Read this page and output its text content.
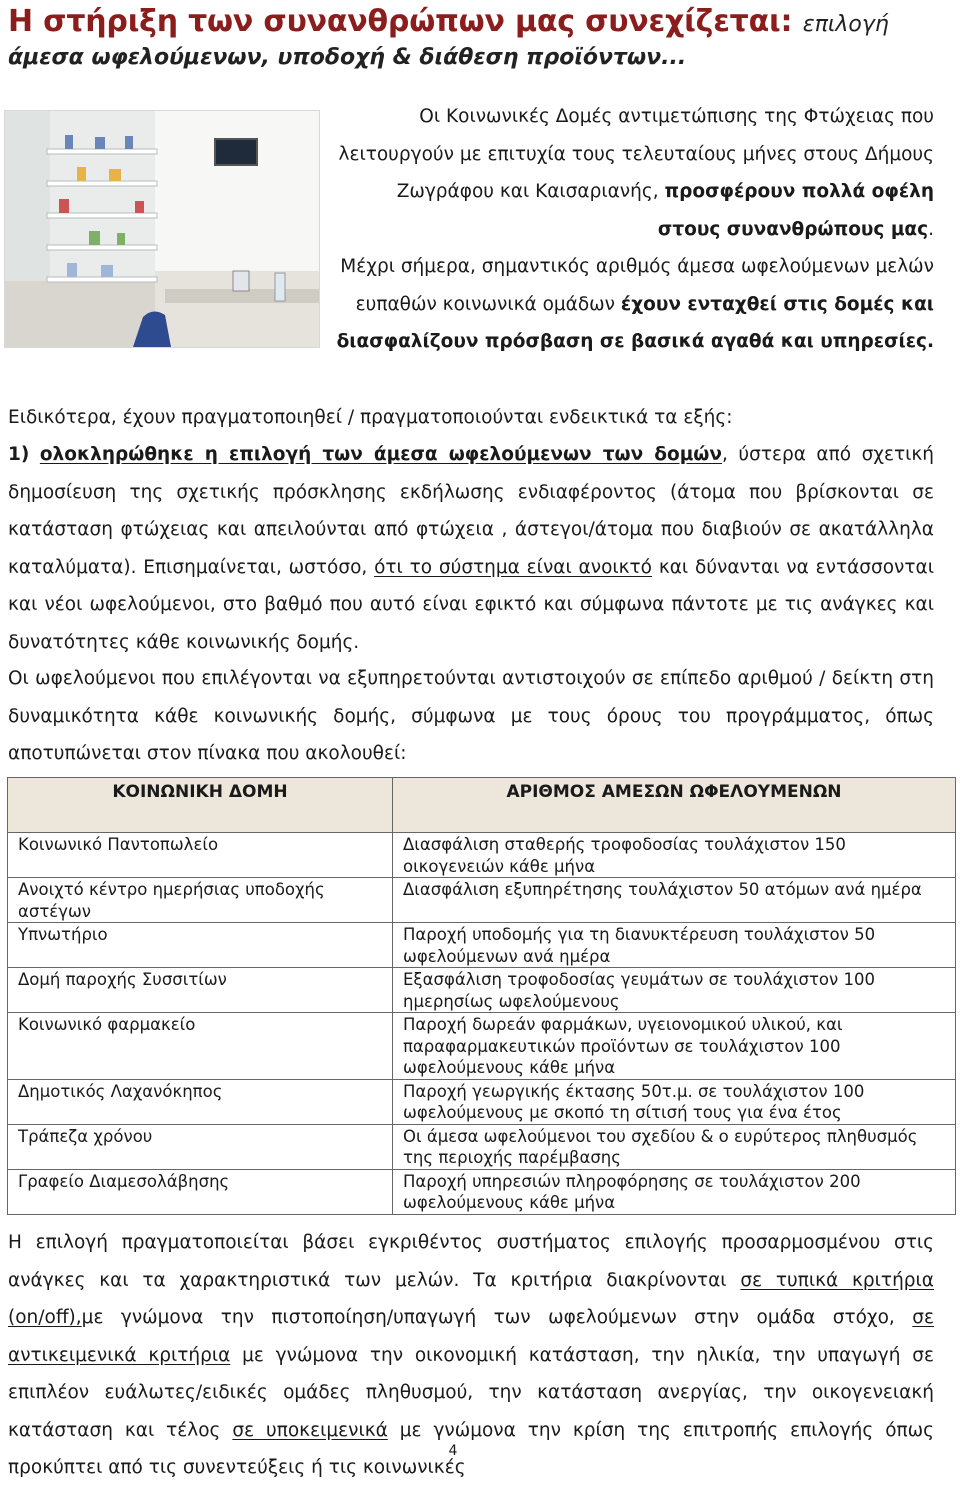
Η στήριξη των συνανθρώπων μας συνεχίζεται: επιλογή
άμεσα ωφελούμενων, υποδοχή & διάθεση προϊόντων...

Οι Κοινωνικές Δομές αντιμετώπισης της Φτώχειας που λειτουργούν με επιτυχία τους τελευταίους μήνες στους Δήμους Ζωγράφου και Καισαριανής, προσφέρουν πολλά οφέλη στους συνανθρώπους μας.
Μέχρι σήμερα, σημαντικός αριθμός άμεσα ωφελούμενων μελών ευπαθών κοινωνικά ομάδων έχουν ενταχθεί στις δομές και διασφαλίζουν πρόσβαση σε βασικά αγαθά και υπηρεσίες.

Ειδικότερα, έχουν πραγματοποιηθεί / πραγματοποιούνται ενδεικτικά τα εξής:

1) ολοκληρώθηκε η επιλογή των άμεσα ωφελούμενων των δομών, ύστερα από σχετική δημοσίευση της σχετικής πρόσκλησης εκδήλωσης ενδιαφέροντος (άτομα που βρίσκονται σε κατάσταση φτώχειας και απειλούνται από φτώχεια , άστεγοι/άτομα που διαβιούν σε ακατάλληλα καταλύματα). Επισημαίνεται, ωστόσο, ότι το σύστημα είναι ανοικτό και δύνανται να εντάσσονται και νέοι ωφελούμενοι, στο βαθμό που αυτό είναι εφικτό και σύμφωνα πάντοτε με τις ανάγκες και δυνατότητες κάθε κοινωνικής δομής.

Οι ωφελούμενοι που επιλέγονται να εξυπηρετούνται αντιστοιχούν σε επίπεδο αριθμού / δείκτη στη δυναμικότητα κάθε κοινωνικής δομής, σύμφωνα με τους όρους του προγράμματος, όπως αποτυπώνεται στον πίνακα που ακολουθεί:

ΚΟΙΝΩΝΙΚΗ ΔΟΜΗ	ΑΡΙΘΜΟΣ ΑΜΕΣΩΝ ΩΦΕΛΟΥΜΕΝΩΝ
Κοινωνικό Παντοπωλείο	Διασφάλιση σταθερής τροφοδοσίας τουλάχιστον 150 οικογενειών κάθε μήνα
Ανοιχτό κέντρο ημερήσιας υποδοχής αστέγων	Διασφάλιση εξυπηρέτησης τουλάχιστον 50 ατόμων ανά ημέρα
Υπνωτήριο	Παροχή υποδομής για τη διανυκτέρευση τουλάχιστον 50 ωφελούμενων ανά ημέρα
Δομή παροχής Συσσιτίων	Εξασφάλιση τροφοδοσίας γευμάτων σε τουλάχιστον 100 ημερησίως ωφελούμενους
Κοινωνικό φαρμακείο	Παροχή δωρεάν φαρμάκων, υγειονομικού υλικού, και παραφαρμακευτικών προϊόντων σε τουλάχιστον 100 ωφελούμενους κάθε μήνα
Δημοτικός Λαχανόκηπος	Παροχή γεωργικής έκτασης 50τ.μ. σε τουλάχιστον 100 ωφελούμενους με σκοπό τη σίτισή τους για ένα έτος
Τράπεζα χρόνου	Οι άμεσα ωφελούμενοι του σχεδίου & ο ευρύτερος πληθυσμός της περιοχής παρέμβασης
Γραφείο Διαμεσολάβησης	Παροχή υπηρεσιών πληροφόρησης σε τουλάχιστον 200 ωφελούμενους κάθε μήνα

Η επιλογή πραγματοποιείται βάσει εγκριθέντος συστήματος επιλογής προσαρμοσμένου στις ανάγκες και τα χαρακτηριστικά των μελών. Τα κριτήρια διακρίνονται σε τυπικά κριτήρια (on/off),με γνώμονα την πιστοποίηση/υπαγωγή των ωφελούμενων στην ομάδα στόχο, σε αντικειμενικά κριτήρια με γνώμονα την οικονομική κατάσταση, την ηλικία, την υπαγωγή σε επιπλέον ευάλωτες/ειδικές ομάδες πληθυσμού, την κατάσταση ανεργίας, την οικογενειακή κατάσταση και τέλος σε υποκειμενικά με γνώμονα την κρίση της επιτροπής επιλογής όπως προκύπτει από τις συνεντεύξεις ή τις κοινωνικές

4
